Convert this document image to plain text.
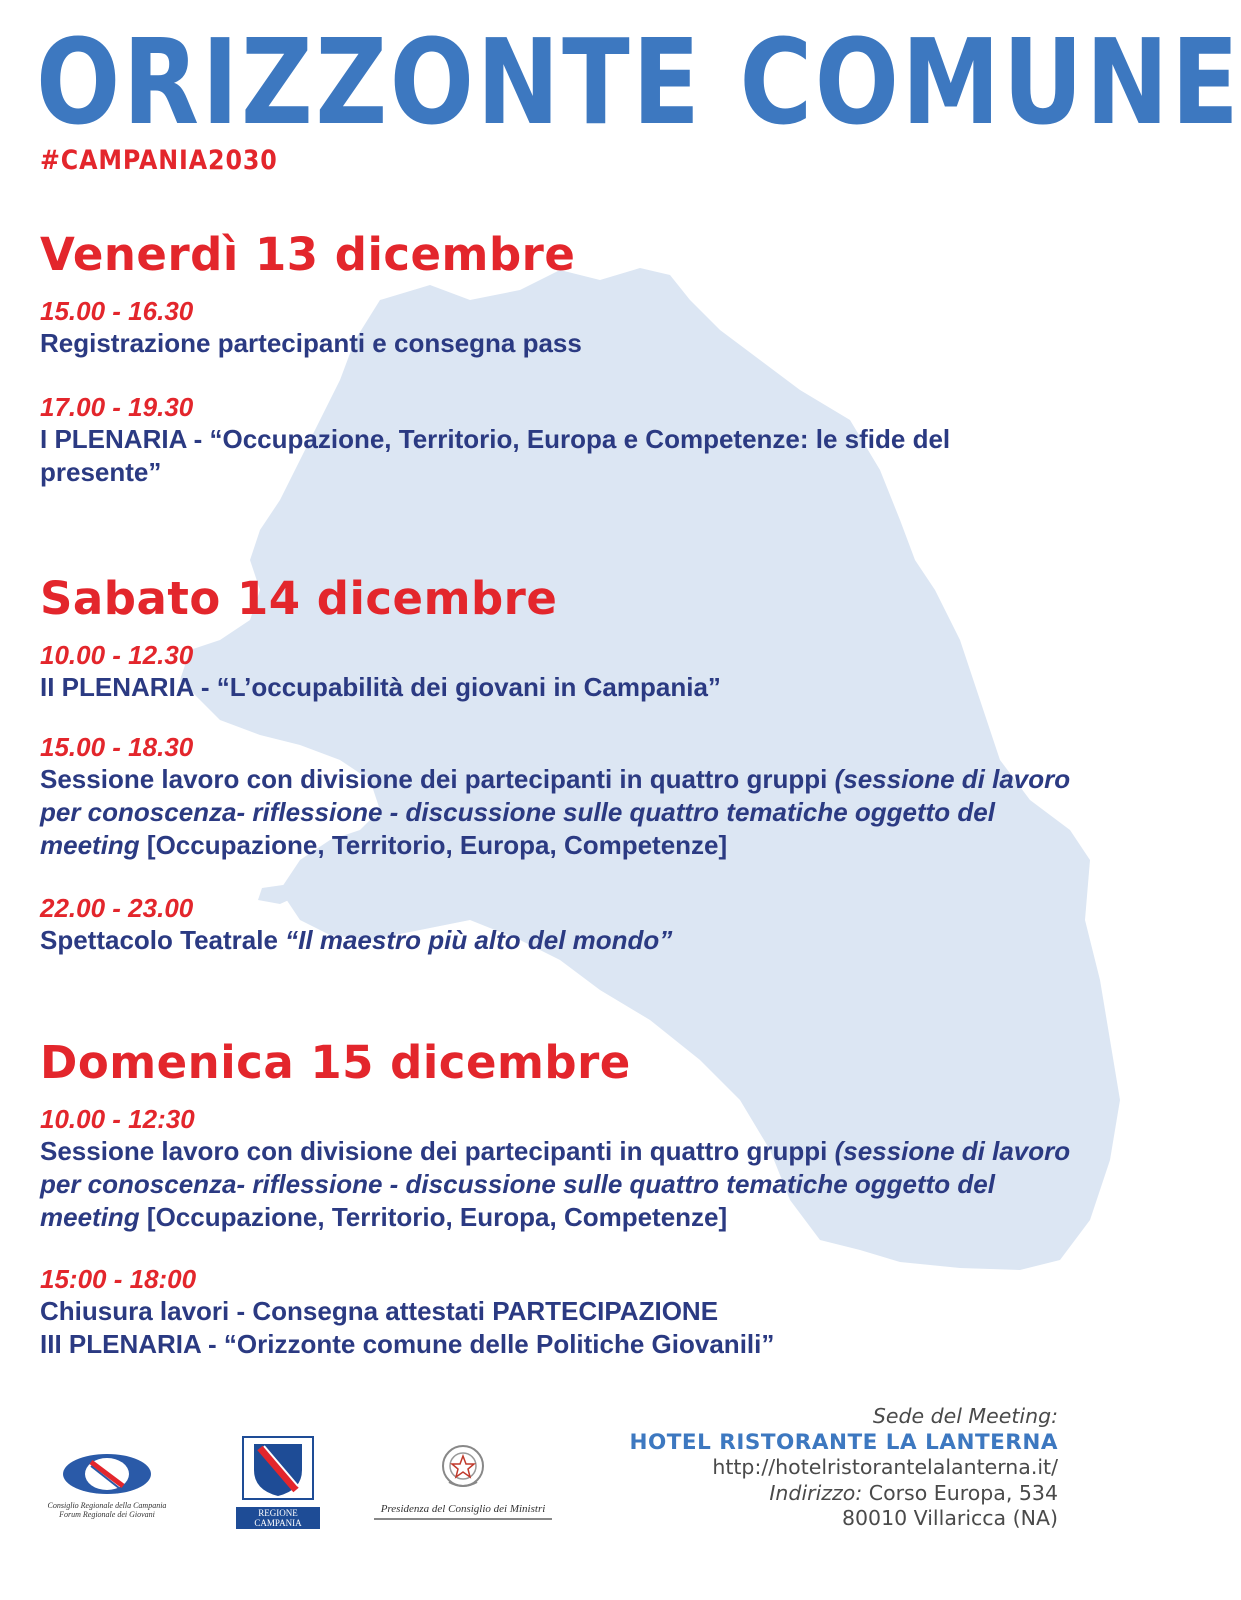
ORIZZONTE COMUNE
#CAMPANIA2030
Venerdì 13 dicembre
15.00 - 16.30
Registrazione partecipanti e consegna pass
17.00 - 19.30
I PLENARIA - “Occupazione, Territorio, Europa e Competenze: le sfide del presente”
Sabato 14 dicembre
10.00 - 12.30
II PLENARIA - “L’occupabilità dei giovani in Campania”
15.00 - 18.30
Sessione lavoro con divisione dei partecipanti in quattro gruppi (sessione di lavoro per conoscenza- riflessione - discussione sulle quattro tematiche oggetto del meeting [Occupazione, Territorio, Europa, Competenze]
22.00 - 23.00
Spettacolo Teatrale “Il maestro più alto del mondo”
Domenica 15 dicembre
10.00 - 12:30
Sessione lavoro con divisione dei partecipanti in quattro gruppi (sessione di lavoro per conoscenza- riflessione - discussione sulle quattro tematiche oggetto del meeting [Occupazione, Territorio, Europa, Competenze]
15:00 - 18:00
Chiusura lavori - Consegna attestati PARTECIPAZIONE
III PLENARIA - “Orizzonte comune delle Politiche Giovanili”
Consiglio Regionale della Campania
Forum Regionale dei Giovani	REGIONE CAMPANIA
Presidenza del Consiglio dei Ministri
Sede del Meeting:
HOTEL RISTORANTE LA LANTERNA
http://hotelristorantelalanterna.it/
Indirizzo: Corso Europa, 534
80010 Villaricca (NA)
